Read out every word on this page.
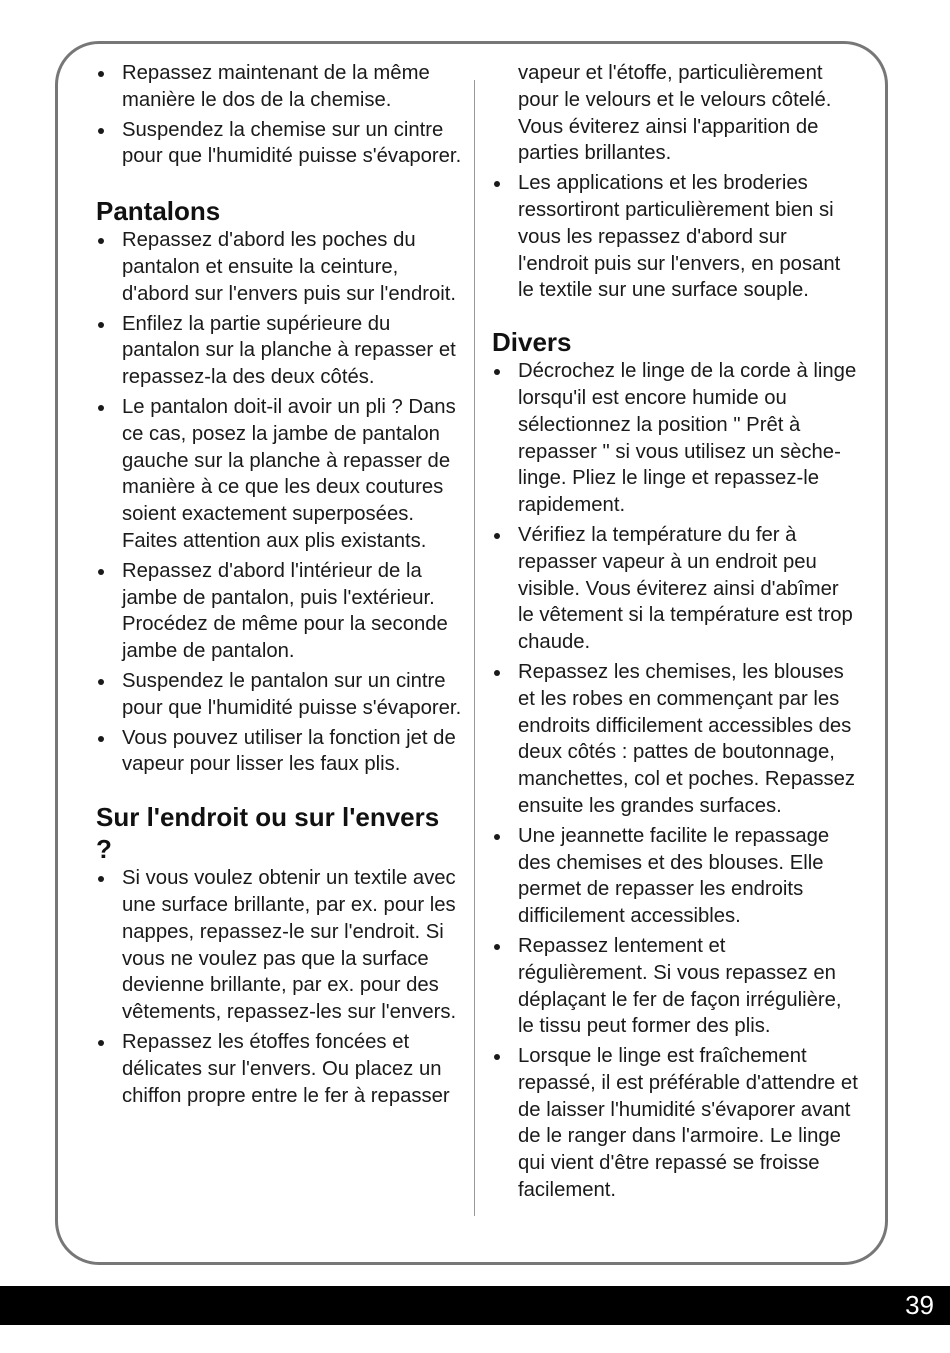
Repassez maintenant de la même manière le dos de la chemise.
Suspendez la chemise sur un cintre pour que l'humidité puisse s'évaporer.
Pantalons
Repassez d'abord les poches du pantalon et ensuite la ceinture, d'abord sur l'envers puis sur l'endroit.
Enfilez la partie supérieure du pantalon sur la planche à repasser et repassez-la des deux côtés.
Le pantalon doit-il avoir un pli ? Dans ce cas, posez la jambe de pantalon gauche sur la planche à repasser de manière à ce que les deux coutures soient exactement superposées. Faites attention aux plis existants.
Repassez d'abord l'intérieur de la jambe de pantalon, puis l'extérieur. Procédez de même pour la seconde jambe de pantalon.
Suspendez le pantalon sur un cintre pour que l'humidité puisse s'évaporer.
Vous pouvez utiliser la fonction jet de vapeur pour lisser les faux plis.
Sur l'endroit ou sur l'envers ?
Si vous voulez obtenir un textile avec une surface brillante, par ex. pour les nappes, repassez-le sur l'endroit. Si vous ne voulez pas que la surface devienne brillante, par ex. pour des vêtements, repassez-les sur l'envers.
Repassez les étoffes foncées et délicates sur l'envers. Ou placez un chiffon propre entre le fer à repasser
vapeur et l'étoffe, particulièrement pour le velours et le velours côtelé. Vous éviterez ainsi l'apparition de parties brillantes.
Les applications et les broderies ressortiront particulièrement bien si vous les repassez d'abord sur l'endroit puis sur l'envers, en posant le textile sur une surface souple.
Divers
Décrochez le linge de la corde à linge lorsqu'il est encore humide ou sélectionnez la position " Prêt à repasser " si vous utilisez un sèche-linge. Pliez le linge et repassez-le rapidement.
Vérifiez la température du fer à repasser vapeur à un endroit peu visible. Vous éviterez ainsi d'abîmer le vêtement si la température est trop chaude.
Repassez les chemises, les blouses et les robes en commençant par les endroits difficilement accessibles des deux côtés : pattes de boutonnage, manchettes, col et poches. Repassez ensuite les grandes surfaces.
Une jeannette facilite le repassage des chemises et des blouses. Elle permet de repasser les endroits difficilement accessibles.
Repassez lentement et régulièrement. Si vous repassez en déplaçant le fer de façon irrégulière, le tissu peut former des plis.
Lorsque le linge est fraîchement repassé, il est préférable d'attendre et de laisser l'humidité s'évaporer avant de le ranger dans l'armoire. Le linge qui vient d'être repassé se froisse facilement.
39
